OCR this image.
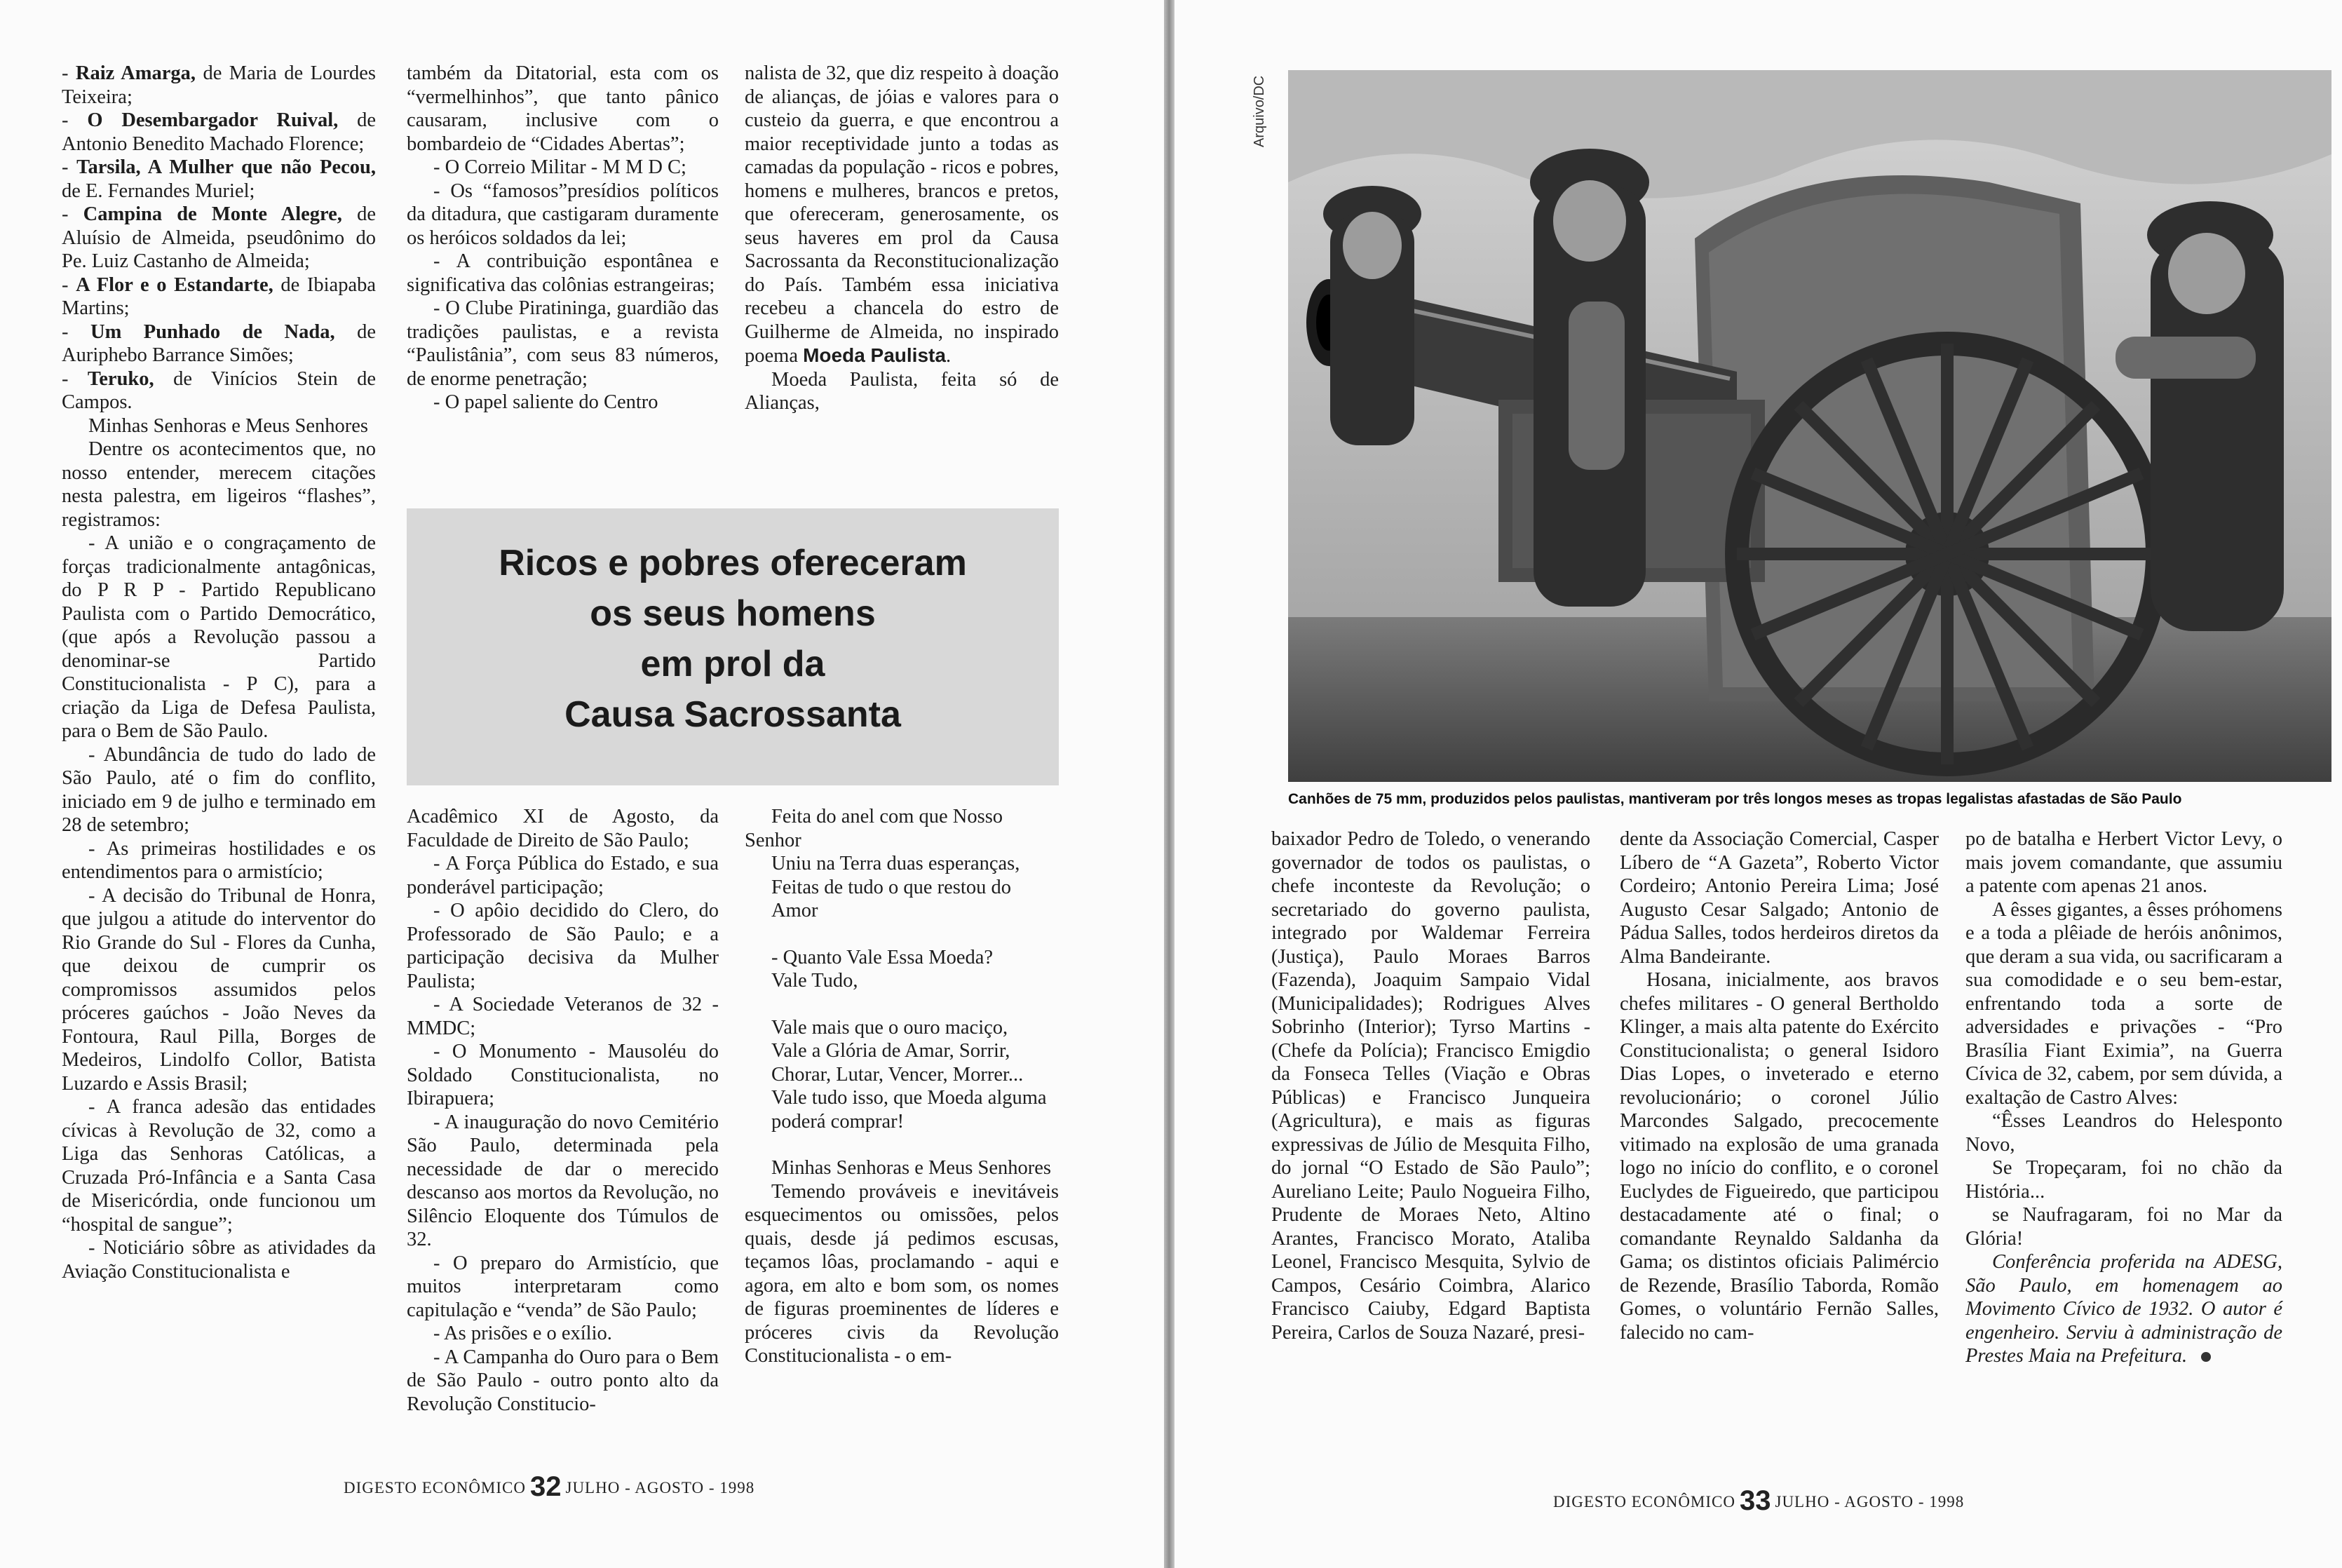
- Raiz Amarga, de Maria de Lourdes Teixeira;

- O Desembargador Ruival, de Antonio Benedito Machado Florence;

- Tarsila, A Mulher que não Pecou, de E. Fernandes Muriel;

- Campina de Monte Alegre, de Aluísio de Almeida, pseudônimo do Pe. Luiz Castanho de Almeida;

- A Flor e o Estandarte, de Ibiapaba Martins;

- Um Punhado de Nada, de Auriphebo Barrance Simões;

- Teruko, de Vinícios Stein de Campos.

Minhas Senhoras e Meus Senhores

Dentre os acontecimentos que, no nosso entender, merecem citações nesta palestra, em ligeiros “flashes”, registramos:

- A união e o congraçamento de forças tradicionalmente antagônicas, do P R P - Partido Republicano Paulista com o Partido Democrático, (que após a Revolução passou a denominar-se Partido Constitucionalista - P C), para a criação da Liga de Defesa Paulista, para o Bem de São Paulo.

- Abundância de tudo do lado de São Paulo, até o fim do conflito, iniciado em 9 de julho e terminado em 28 de setembro;

- As primeiras hostilidades e os entendimentos para o armistício;

- A decisão do Tribunal de Honra, que julgou a atitude do interventor do Rio Grande do Sul - Flores da Cunha, que deixou de cumprir os compromissos assumidos pelos próceres gaúchos - João Neves da Fontoura, Raul Pilla, Borges de Medeiros, Lindolfo Collor, Batista Luzardo e Assis Brasil;

- A franca adesão das entidades cívicas à Revolução de 32, como a Liga das Senhoras Católicas, a Cruzada Pró-Infância e a Santa Casa de Misericórdia, onde funcionou um “hospital de sangue”;

- Noticiário sôbre as atividades da Aviação Constitucionalista e

também da Ditatorial, esta com os “vermelhinhos”, que tanto pânico causaram, inclusive com o bombardeio de “Cidades Abertas”;

- O Correio Militar - M M D C;

- Os “famosos”presídios políticos da ditadura, que castigaram duramente os heróicos soldados da lei;

- A contribuição espontânea e significativa das colônias estrangeiras;

- O Clube Piratininga, guardião das tradições paulistas, e a revista “Paulistânia”, com seus 83 números, de enorme penetração;

- O papel saliente do Centro

nalista de 32, que diz respeito à doação de alianças, de jóias e valores para o custeio da guerra, e que encontrou a maior receptividade junto a todas as camadas da população - ricos e pobres, homens e mulheres, brancos e pretos, que ofereceram, generosamente, os seus haveres em prol da Causa Sacrossanta da Reconstitucionalização do País. Também essa iniciativa recebeu a chancela do estro de Guilherme de Almeida, no inspirado poema Moeda Paulista.

Moeda Paulista, feita só de Alianças,

Ricos e pobres ofereceram
os seus homens
em prol da
Causa Sacrossanta

Acadêmico XI de Agosto, da Faculdade de Direito de São Paulo;

- A Força Pública do Estado, e sua ponderável participação;

- O apôio decidido do Clero, do Professorado de São Paulo; e a participação decisiva da Mulher Paulista;

- A Sociedade Veteranos de 32 - MMDC;

- O Monumento - Mausoléu do Soldado Constitucionalista, no Ibirapuera;

- A inauguração do novo Cemitério São Paulo, determinada pela necessidade de dar o merecido descanso aos mortos da Revolução, no Silêncio Eloquente dos Túmulos de 32.

- O preparo do Armistício, que muitos interpretaram como capitulação e “venda” de São Paulo;

- As prisões e o exílio.

- A Campanha do Ouro para o Bem de São Paulo - outro ponto alto da Revolução Constitucio-

Feita do anel com que Nosso Senhor

Uniu na Terra duas esperanças,

Feitas de tudo o que restou do Amor

- Quanto Vale Essa Moeda?

Vale Tudo,

Vale mais que o ouro maciço,

Vale a Glória de Amar, Sorrir,

Chorar, Lutar, Vencer, Morrer...

Vale tudo isso, que Moeda alguma poderá comprar!

Minhas Senhoras e Meus Senhores

Temendo prováveis e inevitáveis esquecimentos ou omissões, pelos quais, desde já pedimos escusas, teçamos lôas, proclamando - aqui e agora, em alto e bom som, os nomes de figuras proeminentes de líderes e próceres civis da Revolução Constitucionalista - o em-

DIGESTO ECONÔMICO 32 JULHO - AGOSTO - 1998
Arquivo/DC
Canhões de 75 mm, produzidos pelos paulistas, mantiveram por três longos meses as tropas legalistas afastadas de São Paulo

baixador Pedro de Toledo, o venerando governador de todos os paulistas, o chefe inconteste da Revolução; o secretariado do governo paulista, integrado por Waldemar Ferreira (Justiça), Paulo Moraes Barros (Fazenda), Joaquim Sampaio Vidal (Municipalidades); Rodrigues Alves Sobrinho (Interior); Tyrso Martins - (Chefe da Polícia); Francisco Emigdio da Fonseca Telles (Viação e Obras Públicas) e Francisco Junqueira (Agricultura), e mais as figuras expressivas de Júlio de Mesquita Filho, do jornal “O Estado de São Paulo”; Aureliano Leite; Paulo Nogueira Filho, Prudente de Moraes Neto, Altino Arantes, Francisco Morato, Ataliba Leonel, Francisco Mesquita, Sylvio de Campos, Cesário Coimbra, Alarico Francisco Caiuby, Edgard Baptista Pereira, Carlos de Souza Nazaré, presi-

dente da Associação Comercial, Casper Líbero de “A Gazeta”, Roberto Victor Cordeiro; Antonio Pereira Lima; José Augusto Cesar Salgado; Antonio de Pádua Salles, todos herdeiros diretos da Alma Bandeirante.

Hosana, inicialmente, aos bravos chefes militares - O general Bertholdo Klinger, a mais alta patente do Exército Constitucionalista; o general Isidoro Dias Lopes, o inveterado e eterno revolucionário; o coronel Júlio Marcondes Salgado, precocemente vitimado na explosão de uma granada logo no início do conflito, e o coronel Euclydes de Figueiredo, que participou destacadamente até o final; o comandante Reynaldo Saldanha da Gama; os distintos oficiais Palimércio de Rezende, Brasílio Taborda, Romão Gomes, o voluntário Fernão Salles, falecido no cam-

po de batalha e Herbert Victor Levy, o mais jovem comandante, que assumiu a patente com apenas 21 anos.

A êsses gigantes, a êsses próhomens e a toda a plêiade de heróis anônimos, que deram a sua vida, ou sacrificaram a sua comodidade e o seu bem-estar, enfrentando toda a sorte de adversidades e privações - “Pro Brasília Fiant Eximia”, na Guerra Cívica de 32, cabem, por sem dúvida, a exaltação de Castro Alves:

“Êsses Leandros do Helesponto Novo,

Se Tropeçaram, foi no chão da História...

se Naufragaram, foi no Mar da Glória!

Conferência proferida na ADESG, São Paulo, em homenagem ao Movimento Cívico de 1932. O autor é engenheiro. Serviu à administração de Prestes Maia na Prefeitura.

DIGESTO ECONÔMICO 33 JULHO - AGOSTO - 1998
